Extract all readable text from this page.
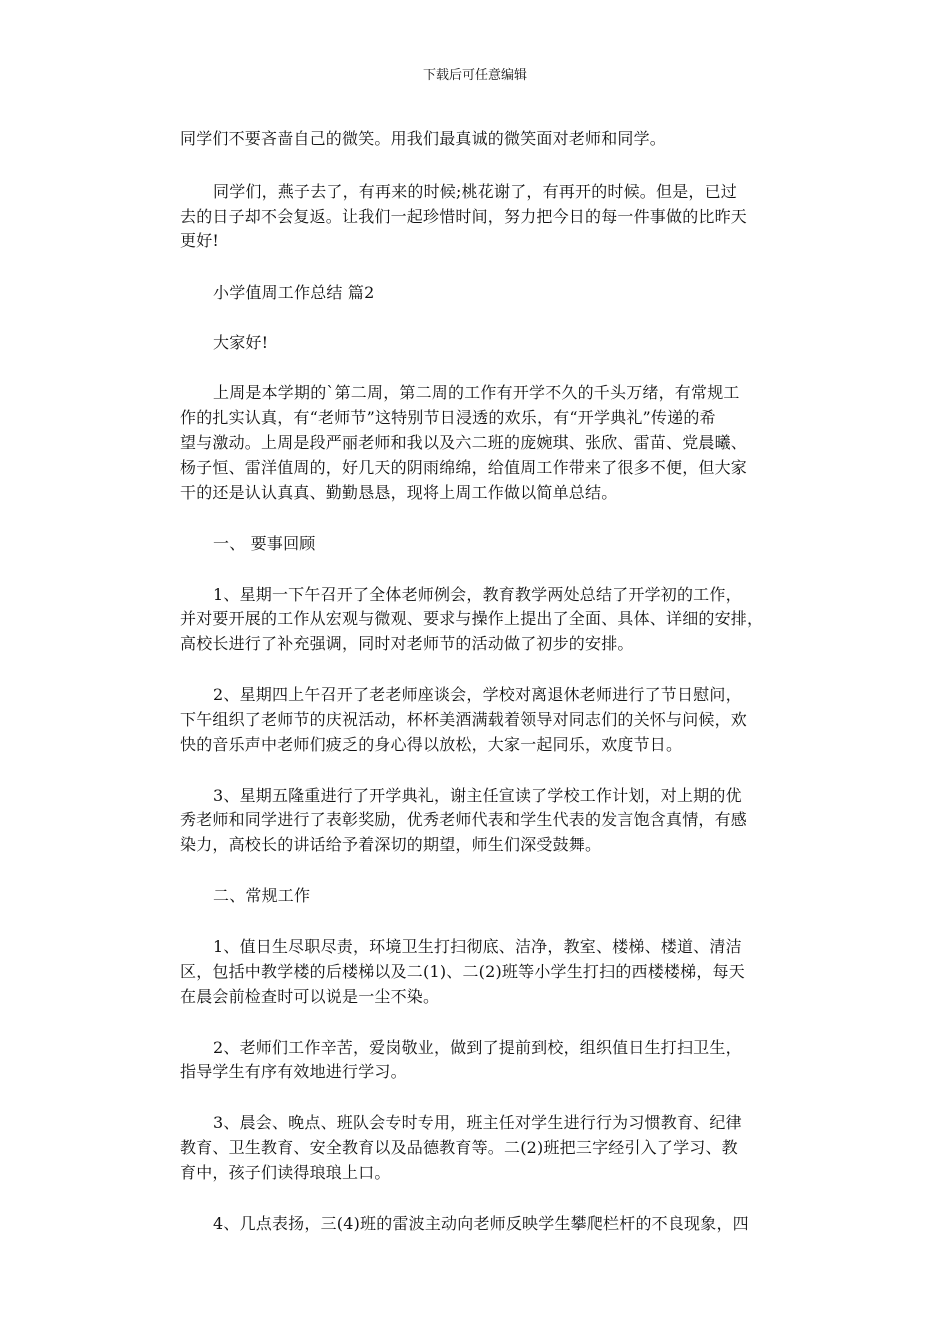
下载后可任意编辑
同学们不要吝啬自己的微笑。用我们最真诚的微笑面对老师和同学。
同学们，燕子去了，有再来的时候;桃花谢了，有再开的时候。但是，已过
去的日子却不会复返。让我们一起珍惜时间，努力把今日的每一件事做的比昨天
更好!
小学值周工作总结 篇2
大家好!
上周是本学期的`第二周，第二周的工作有开学不久的千头万绪，有常规工
作的扎实认真，有“老师节”这特别节日浸透的欢乐，有“开学典礼”传递的希
望与激动。上周是段严丽老师和我以及六二班的庞婉琪、张欣、雷苗、党晨曦、
杨子恒、雷洋值周的，好几天的阴雨绵绵，给值周工作带来了很多不便，但大家
干的还是认认真真、勤勤恳恳，现将上周工作做以简单总结。
一、 要事回顾
1、星期一下午召开了全体老师例会，教育教学两处总结了开学初的工作，
并对要开展的工作从宏观与微观、要求与操作上提出了全面、具体、详细的安排，
高校长进行了补充强调，同时对老师节的活动做了初步的安排。
2、星期四上午召开了老老师座谈会，学校对离退休老师进行了节日慰问，
下午组织了老师节的庆祝活动，杯杯美酒满载着领导对同志们的关怀与问候，欢
快的音乐声中老师们疲乏的身心得以放松，大家一起同乐，欢度节日。
3、星期五隆重进行了开学典礼，谢主任宣读了学校工作计划，对上期的优
秀老师和同学进行了表彰奖励，优秀老师代表和学生代表的发言饱含真情，有感
染力，高校长的讲话给予着深切的期望，师生们深受鼓舞。
二、常规工作
1、值日生尽职尽责，环境卫生打扫彻底、洁净，教室、楼梯、楼道、清洁
区，包括中教学楼的后楼梯以及二(1)、二(2)班等小学生打扫的西楼楼梯，每天
在晨会前检查时可以说是一尘不染。
2、老师们工作辛苦，爱岗敬业，做到了提前到校，组织值日生打扫卫生，
指导学生有序有效地进行学习。
3、晨会、晚点、班队会专时专用，班主任对学生进行行为习惯教育、纪律
教育、卫生教育、安全教育以及品德教育等。二(2)班把三字经引入了学习、教
育中，孩子们读得琅琅上口。
4、几点表扬，三(4)班的雷波主动向老师反映学生攀爬栏杆的不良现象，四
